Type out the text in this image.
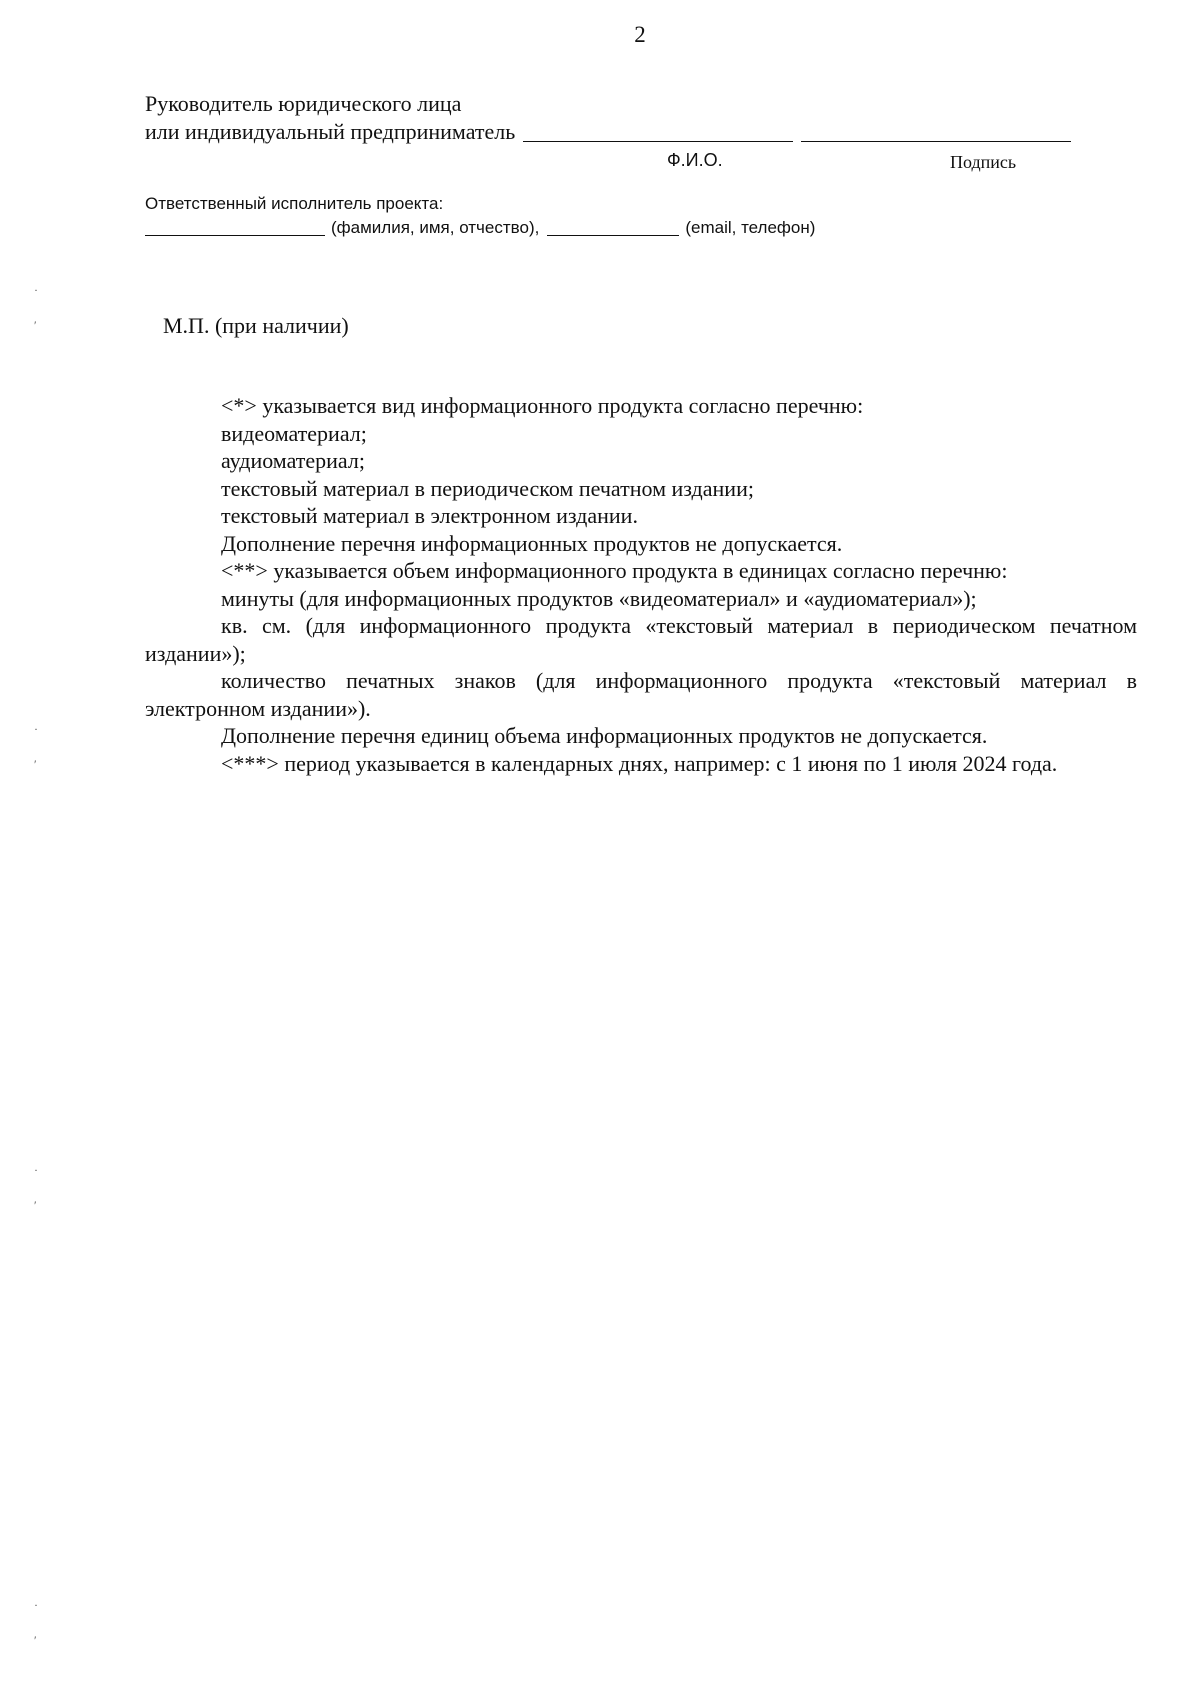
2
Руководитель юридического лица
или индивидуальный предприниматель
Ф.И.О.	Подпись
Ответственный исполнитель проекта:
(фамилия, имя, отчество),	(email, телефон)
М.П. (при наличии)

<*> указывается вид информационного продукта согласно перечню:

видеоматериал;

аудиоматериал;

текстовый материал в периодическом печатном издании;

текстовый материал в электронном издании.

Дополнение перечня информационных продуктов не допускается.

<**> указывается объем информационного продукта в единицах согласно перечню:

минуты (для информационных продуктов «видеоматериал» и «аудиоматериал»);

кв. см. (для информационного продукта «текстовый материал в периодическом печатном издании»);

количество печатных знаков (для информационного продукта «текстовый материал в электронном издании»).

Дополнение перечня единиц объема информационных продуктов не допускается.

<***> период указывается в календарных днях, например: с 1 июня по 1 июля 2024 года.

·
′
·
′
·
′
·
′
